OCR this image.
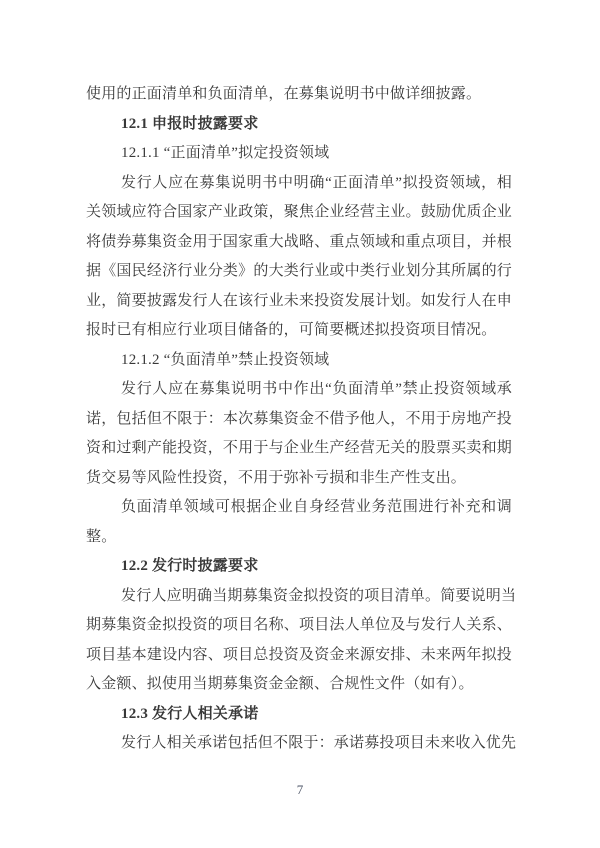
使用的正面清单和负面清单，在募集说明书中做详细披露。
12.1 申报时披露要求
12.1.1 “正面清单”拟定投资领域
发行人应在募集说明书中明确“正面清单”拟投资领域，相
关领域应符合国家产业政策，聚焦企业经营主业。鼓励优质企业
将债券募集资金用于国家重大战略、重点领域和重点项目，并根
据《国民经济行业分类》的大类行业或中类行业划分其所属的行
业，简要披露发行人在该行业未来投资发展计划。如发行人在申
报时已有相应行业项目储备的，可简要概述拟投资项目情况。
12.1.2 “负面清单”禁止投资领域
发行人应在募集说明书中作出“负面清单”禁止投资领域承
诺，包括但不限于：本次募集资金不借予他人，不用于房地产投
资和过剩产能投资，不用于与企业生产经营无关的股票买卖和期
货交易等风险性投资，不用于弥补亏损和非生产性支出。
负面清单领域可根据企业自身经营业务范围进行补充和调
整。
12.2 发行时披露要求
发行人应明确当期募集资金拟投资的项目清单。简要说明当
期募集资金拟投资的项目名称、项目法人单位及与发行人关系、
项目基本建设内容、项目总投资及资金来源安排、未来两年拟投
入金额、拟使用当期募集资金金额、合规性文件（如有）。
12.3 发行人相关承诺
发行人相关承诺包括但不限于：承诺募投项目未来收入优先
7
